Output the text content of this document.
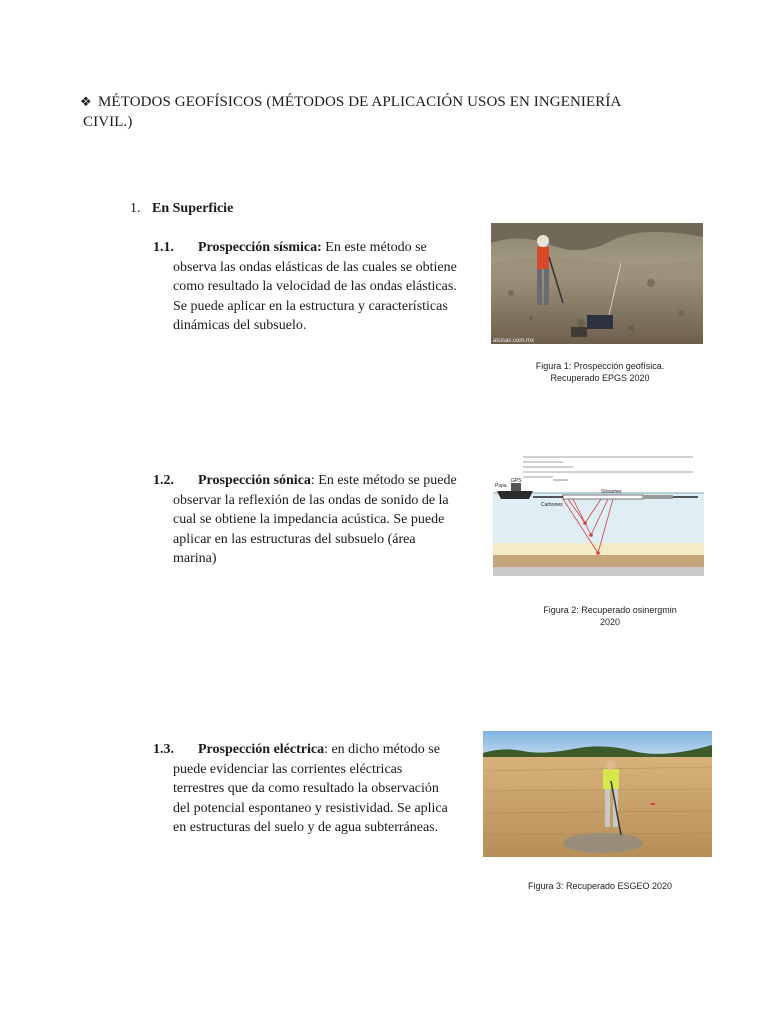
❖ MÉTODOS GEOFÍSICOS (MÉTODOS DE APLICACIÓN USOS EN INGENIERÍA
CIVIL.)
1. En Superficie
1.1. Prospección sísmica: En este método se
observa las ondas elásticas de las cuales se obtiene
como resultado la velocidad de las ondas elásticas.
Se puede aplicar en la estructura y características
dinámicas del subsuelo.
alsisas.com.mx
Figura 1: Prospección geofísica.
Recuperado EPGS 2020
1.2. Prospección sónica: En este método se puede
observar la reflexión de las ondas de sonido de la
cual se obtiene la impedancia acústica. Se puede
aplicar en las estructuras del subsuelo (área
marina)
GPS
Popa
Streamer
Carbones
Figura 2: Recuperado osinergmin
2020
1.3. Prospección eléctrica: en dicho método se
puede evidenciar las corrientes eléctricas
terrestres que da como resultado la observación
del potencial espontaneo y resistividad. Se aplica
en estructuras del suelo y de agua subterráneas.
Figura 3: Recuperado ESGEO 2020
